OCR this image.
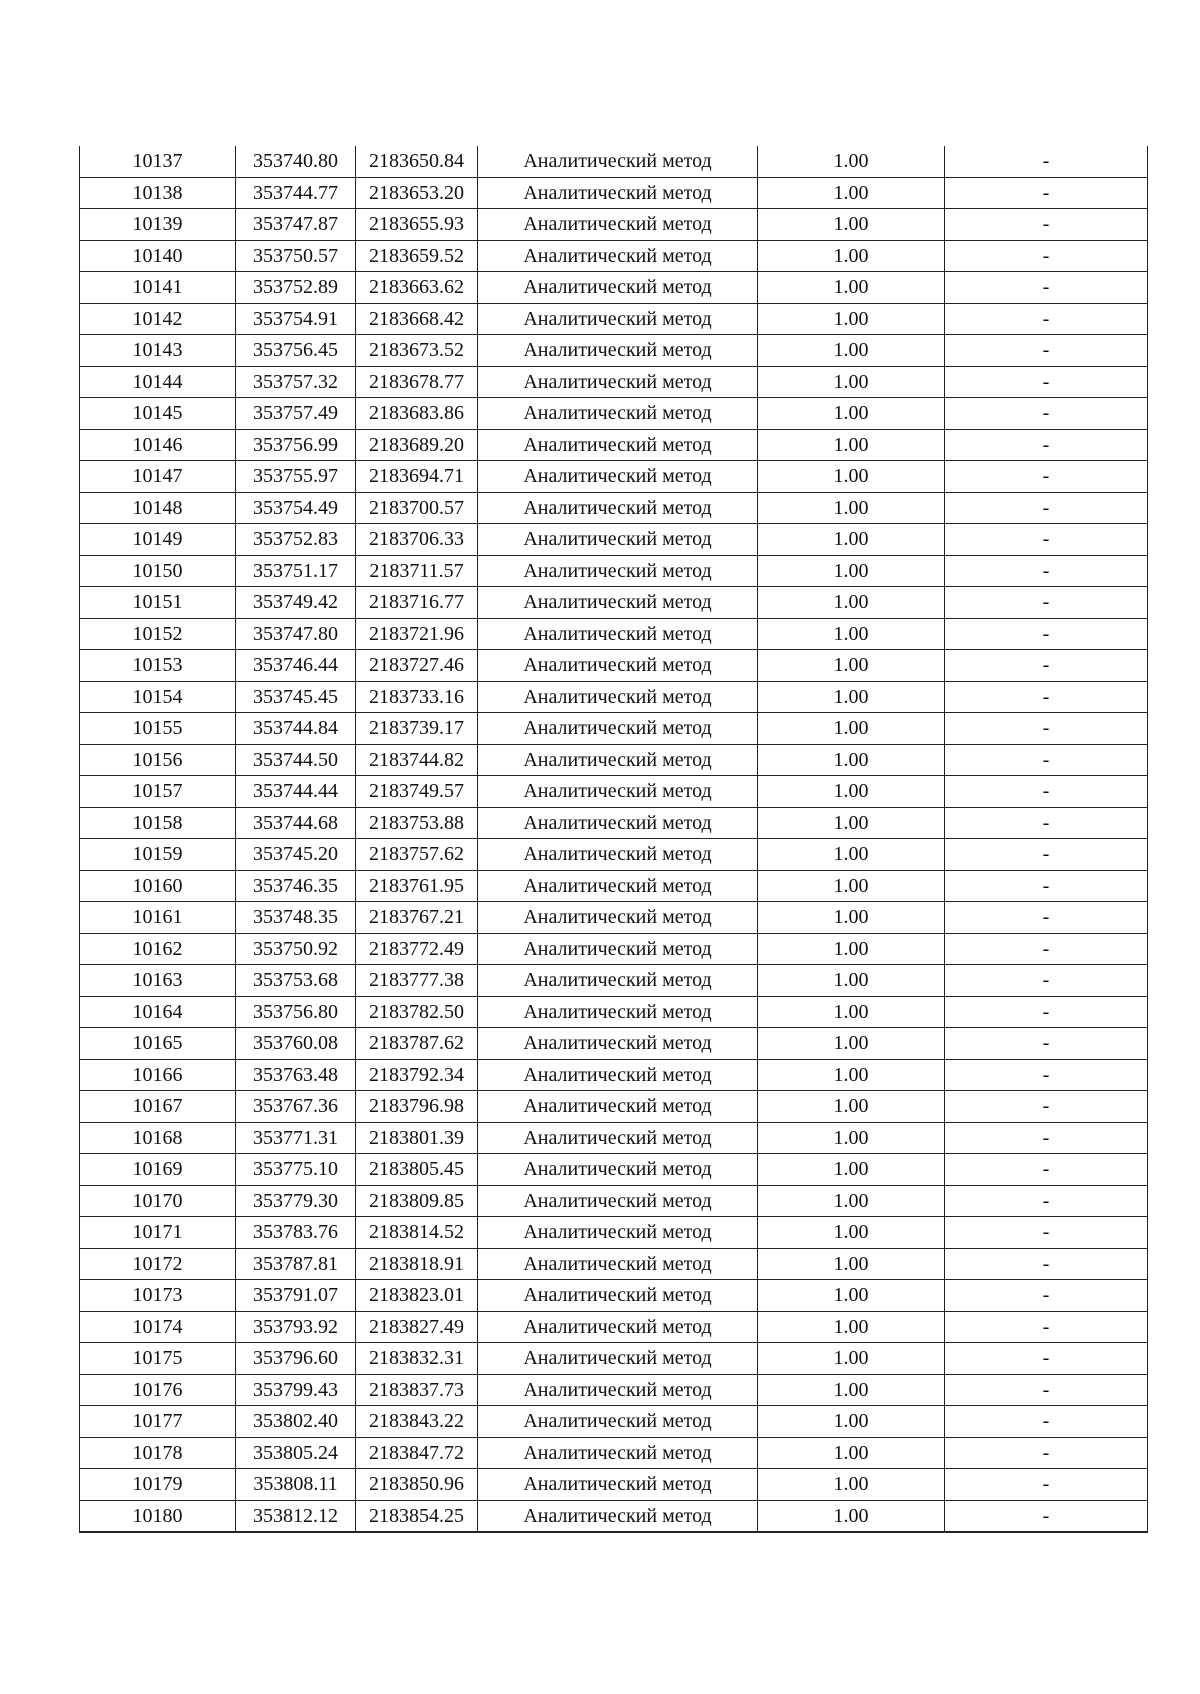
10137	353740.80	2183650.84	Аналитический метод	1.00	-
10138	353744.77	2183653.20	Аналитический метод	1.00	-
10139	353747.87	2183655.93	Аналитический метод	1.00	-
10140	353750.57	2183659.52	Аналитический метод	1.00	-
10141	353752.89	2183663.62	Аналитический метод	1.00	-
10142	353754.91	2183668.42	Аналитический метод	1.00	-
10143	353756.45	2183673.52	Аналитический метод	1.00	-
10144	353757.32	2183678.77	Аналитический метод	1.00	-
10145	353757.49	2183683.86	Аналитический метод	1.00	-
10146	353756.99	2183689.20	Аналитический метод	1.00	-
10147	353755.97	2183694.71	Аналитический метод	1.00	-
10148	353754.49	2183700.57	Аналитический метод	1.00	-
10149	353752.83	2183706.33	Аналитический метод	1.00	-
10150	353751.17	2183711.57	Аналитический метод	1.00	-
10151	353749.42	2183716.77	Аналитический метод	1.00	-
10152	353747.80	2183721.96	Аналитический метод	1.00	-
10153	353746.44	2183727.46	Аналитический метод	1.00	-
10154	353745.45	2183733.16	Аналитический метод	1.00	-
10155	353744.84	2183739.17	Аналитический метод	1.00	-
10156	353744.50	2183744.82	Аналитический метод	1.00	-
10157	353744.44	2183749.57	Аналитический метод	1.00	-
10158	353744.68	2183753.88	Аналитический метод	1.00	-
10159	353745.20	2183757.62	Аналитический метод	1.00	-
10160	353746.35	2183761.95	Аналитический метод	1.00	-
10161	353748.35	2183767.21	Аналитический метод	1.00	-
10162	353750.92	2183772.49	Аналитический метод	1.00	-
10163	353753.68	2183777.38	Аналитический метод	1.00	-
10164	353756.80	2183782.50	Аналитический метод	1.00	-
10165	353760.08	2183787.62	Аналитический метод	1.00	-
10166	353763.48	2183792.34	Аналитический метод	1.00	-
10167	353767.36	2183796.98	Аналитический метод	1.00	-
10168	353771.31	2183801.39	Аналитический метод	1.00	-
10169	353775.10	2183805.45	Аналитический метод	1.00	-
10170	353779.30	2183809.85	Аналитический метод	1.00	-
10171	353783.76	2183814.52	Аналитический метод	1.00	-
10172	353787.81	2183818.91	Аналитический метод	1.00	-
10173	353791.07	2183823.01	Аналитический метод	1.00	-
10174	353793.92	2183827.49	Аналитический метод	1.00	-
10175	353796.60	2183832.31	Аналитический метод	1.00	-
10176	353799.43	2183837.73	Аналитический метод	1.00	-
10177	353802.40	2183843.22	Аналитический метод	1.00	-
10178	353805.24	2183847.72	Аналитический метод	1.00	-
10179	353808.11	2183850.96	Аналитический метод	1.00	-
10180	353812.12	2183854.25	Аналитический метод	1.00	-
